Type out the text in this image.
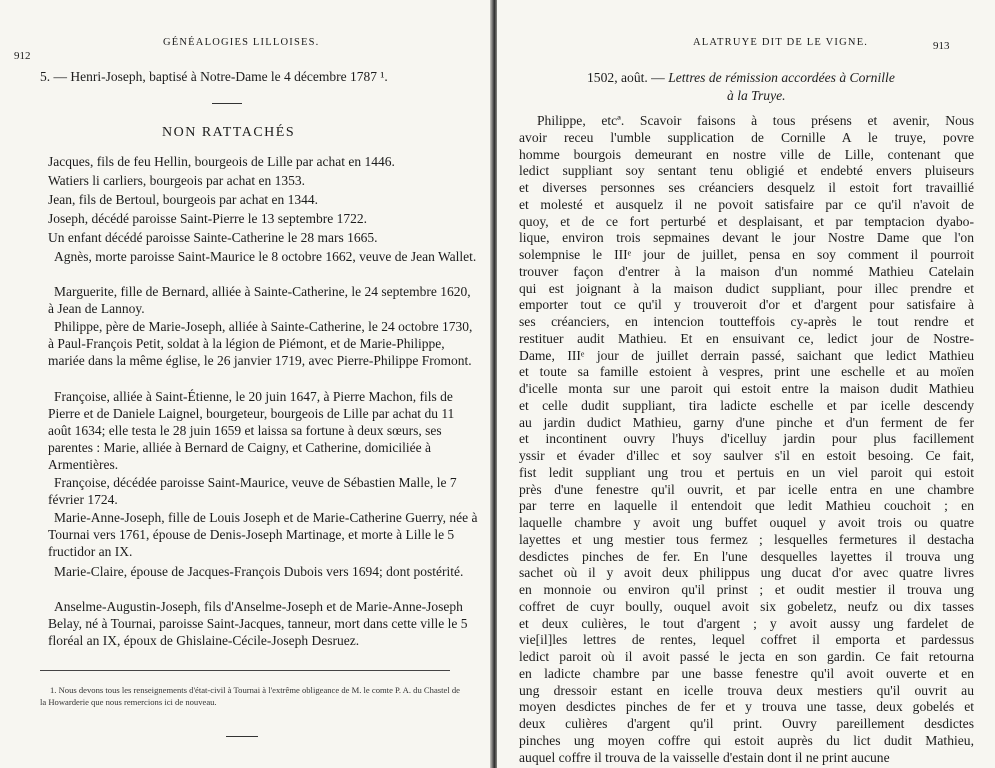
912
GÉNÉALOGIES LILLOISES.

5. — Henri-Joseph, baptisé à Notre-Dame le 4 décembre 1787 ¹.

NON RATTACHÉS

Jacques, fils de feu Hellin, bourgeois de Lille par achat en 1446.

Watiers li carliers, bourgeois par achat en 1353.

Jean, fils de Bertoul, bourgeois par achat en 1344.

Joseph, décédé paroisse Saint-Pierre le 13 septembre 1722.

Un enfant décédé paroisse Sainte-Catherine le 28 mars 1665.

Agnès, morte paroisse Saint-Maurice le 8 octobre 1662, veuve de Jean Wallet.

Marguerite, fille de Bernard, alliée à Sainte-Catherine, le 24 septembre 1620, à Jean de Lannoy.

Philippe, père de Marie-Joseph, alliée à Sainte-Catherine, le 24 octobre 1730, à Paul-François Petit, soldat à la légion de Piémont, et de Marie-Philippe, mariée dans la même église, le 26 janvier 1719, avec Pierre-Philippe Fromont.

Françoise, alliée à Saint-Étienne, le 20 juin 1647, à Pierre Machon, fils de Pierre et de Daniele Laignel, bourgeteur, bourgeois de Lille par achat du 11 août 1634; elle testa le 28 juin 1659 et laissa sa fortune à deux sœurs, ses parentes : Marie, alliée à Bernard de Caigny, et Catherine, domiciliée à Armentières.

Françoise, décédée paroisse Saint-Maurice, veuve de Sébastien Malle, le 7 février 1724.

Marie-Anne-Joseph, fille de Louis Joseph et de Marie-Catherine Guerry, née à Tournai vers 1761, épouse de Denis-Joseph Martinage, et morte à Lille le 5 fructidor an IX.

Marie-Claire, épouse de Jacques-François Dubois vers 1694; dont postérité.

Anselme-Augustin-Joseph, fils d'Anselme-Joseph et de Marie-Anne-Joseph Belay, né à Tournai, paroisse Saint-Jacques, tanneur, mort dans cette ville le 5 floréal an IX, époux de Ghislaine-Cécile-Joseph Desruez.

1. Nous devons tous les renseignements d'état-civil à Tournai à l'extrême obligeance de M. le comte P. A. du Chastel de la Howarderie que nous remercions ici de nouveau.

ALATRUYE DIT DE LE VIGNE.	913
1502, août. — Lettres de rémission accordées à Cornille
à la Truye.
Philippe, etcª. Scavoir faisons à tous présens et avenir, Nous
avoir receu l'umble supplication de Cornille A le truye, povre
homme bourgois demeurant en nostre ville de Lille, contenant que
ledict suppliant soy sentant tenu obligié et endebté envers pluiseurs
et diverses personnes ses créanciers desquelz il estoit fort travaillié
et molesté et ausquelz il ne povoit satisfaire par ce qu'il n'avoit de
quoy, et de ce fort perturbé et desplaisant, et par temptacion dyabo-
lique, environ trois sepmaines devant le jour Nostre Dame que l'on
solempnise le IIIᵉ jour de juillet, pensa en soy comment il pourroit
trouver façon d'entrer à la maison d'un nommé Mathieu Catelain
qui est joignant à la maison dudict suppliant, pour illec prendre et
emporter tout ce qu'il y trouveroit d'or et d'argent pour satisfaire à
ses créanciers, en intencion toutteffois cy-après le tout rendre et
restituer audit Mathieu. Et en ensuivant ce, ledict jour de Nostre-
Dame, IIIᵉ jour de juillet derrain passé, saichant que ledict Mathieu
et toute sa famille estoient à vespres, print une eschelle et au moïen
d'icelle monta sur une paroit qui estoit entre la maison dudit Mathieu
et celle dudit suppliant, tira ladicte eschelle et par icelle descendy
au jardin dudict Mathieu, garny d'une pinche et d'un ferment de fer
et incontinent ouvry l'huys d'icelluy jardin pour plus facillement
yssir et évader d'illec et soy saulver s'il en estoit besoing. Ce fait,
fist ledit suppliant ung trou et pertuis en un viel paroit qui estoit
près d'une fenestre qu'il ouvrit, et par icelle entra en une chambre
par terre en laquelle il entendoit que ledit Mathieu couchoit ; en
laquelle chambre y avoit ung buffet ouquel y avoit trois ou quatre
layettes et ung mestier tous fermez ; lesquelles fermetures il destacha
desdictes pinches de fer. En l'une desquelles layettes il trouva ung
sachet où il y avoit deux philippus ung ducat d'or avec quatre livres
en monnoie ou environ qu'il prinst ; et oudit mestier il trouva ung
coffret de cuyr boully, ouquel avoit six gobeletz, neufz ou dix tasses
et deux culières, le tout d'argent ; y avoit aussy ung fardelet de
vie[il]les lettres de rentes, lequel coffret il emporta et pardessus
ledict paroit où il avoit passé le jecta en son gardin. Ce fait retourna
en ladicte chambre par une basse fenestre qu'il avoit ouverte et en
ung dressoir estant en icelle trouva deux mestiers qu'il ouvrit au
moyen desdictes pinches de fer et y trouva une tasse, deux gobelés et
deux culières d'argent qu'il print. Ouvry pareillement desdictes
pinches ung moyen coffre qui estoit auprès du lict dudit Mathieu,
auquel coffre il trouva de la vaisselle d'estain dont il ne print aucune
